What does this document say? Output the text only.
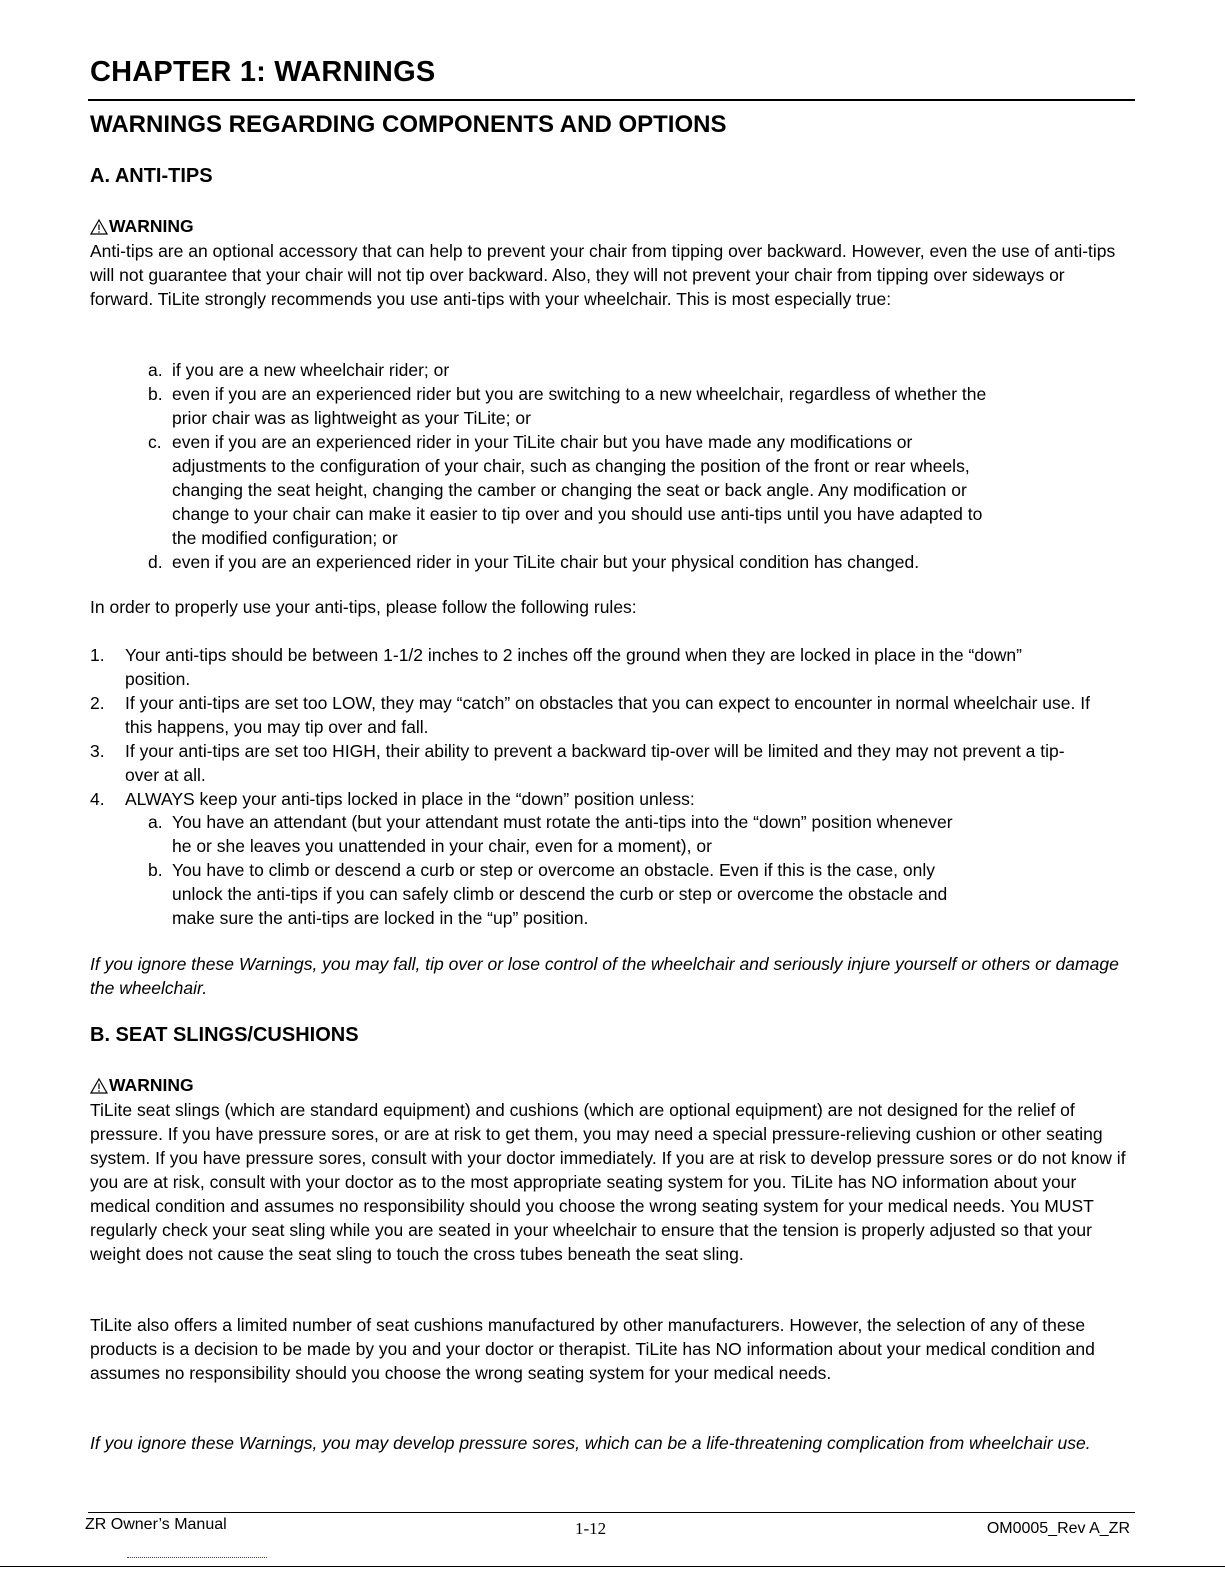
CHAPTER 1: WARNINGS
WARNINGS REGARDING COMPONENTS AND OPTIONS
A. ANTI-TIPS
WARNING

Anti-tips are an optional accessory that can help to prevent your chair from tipping over backward. However, even the use of anti-tips will not guarantee that your chair will not tip over backward. Also, they will not prevent your chair from tipping over sideways or forward. TiLite strongly recommends you use anti-tips with your wheelchair. This is most especially true:

a. if you are a new wheelchair rider; or
b. even if you are an experienced rider but you are switching to a new wheelchair, regardless of whether the prior chair was as lightweight as your TiLite; or
c. even if you are an experienced rider in your TiLite chair but you have made any modifications or adjustments to the configuration of your chair, such as changing the position of the front or rear wheels, changing the seat height, changing the camber or changing the seat or back angle. Any modification or change to your chair can make it easier to tip over and you should use anti-tips until you have adapted to the modified configuration; or
d. even if you are an experienced rider in your TiLite chair but your physical condition has changed.

In order to properly use your anti-tips, please follow the following rules:

1. Your anti-tips should be between 1-1/2 inches to 2 inches off the ground when they are locked in place in the “down” position.
2. If your anti-tips are set too LOW, they may “catch” on obstacles that you can expect to encounter in normal wheelchair use. If this happens, you may tip over and fall.
3. If your anti-tips are set too HIGH, their ability to prevent a backward tip-over will be limited and they may not prevent a tip-over at all.
4. ALWAYS keep your anti-tips locked in place in the “down” position unless:
a. You have an attendant (but your attendant must rotate the anti-tips into the “down” position whenever he or she leaves you unattended in your chair, even for a moment), or
b. You have to climb or descend a curb or step or overcome an obstacle. Even if this is the case, only unlock the anti-tips if you can safely climb or descend the curb or step or overcome the obstacle and make sure the anti-tips are locked in the “up” position.

If you ignore these Warnings, you may fall, tip over or lose control of the wheelchair and seriously injure yourself or others or damage the wheelchair.

B. SEAT SLINGS/CUSHIONS
WARNING

TiLite seat slings (which are standard equipment) and cushions (which are optional equipment) are not designed for the relief of pressure. If you have pressure sores, or are at risk to get them, you may need a special pressure-relieving cushion or other seating system. If you have pressure sores, consult with your doctor immediately. If you are at risk to develop pressure sores or do not know if you are at risk, consult with your doctor as to the most appropriate seating system for you. TiLite has NO information about your medical condition and assumes no responsibility should you choose the wrong seating system for your medical needs. You MUST regularly check your seat sling while you are seated in your wheelchair to ensure that the tension is properly adjusted so that your weight does not cause the seat sling to touch the cross tubes beneath the seat sling.

TiLite also offers a limited number of seat cushions manufactured by other manufacturers. However, the selection of any of these products is a decision to be made by you and your doctor or therapist. TiLite has NO information about your medical condition and assumes no responsibility should you choose the wrong seating system for your medical needs.

If you ignore these Warnings, you may develop pressure sores, which can be a life-threatening complication from wheelchair use.

ZR Owner’s Manual	1-12	OM0005_Rev A_ZR
